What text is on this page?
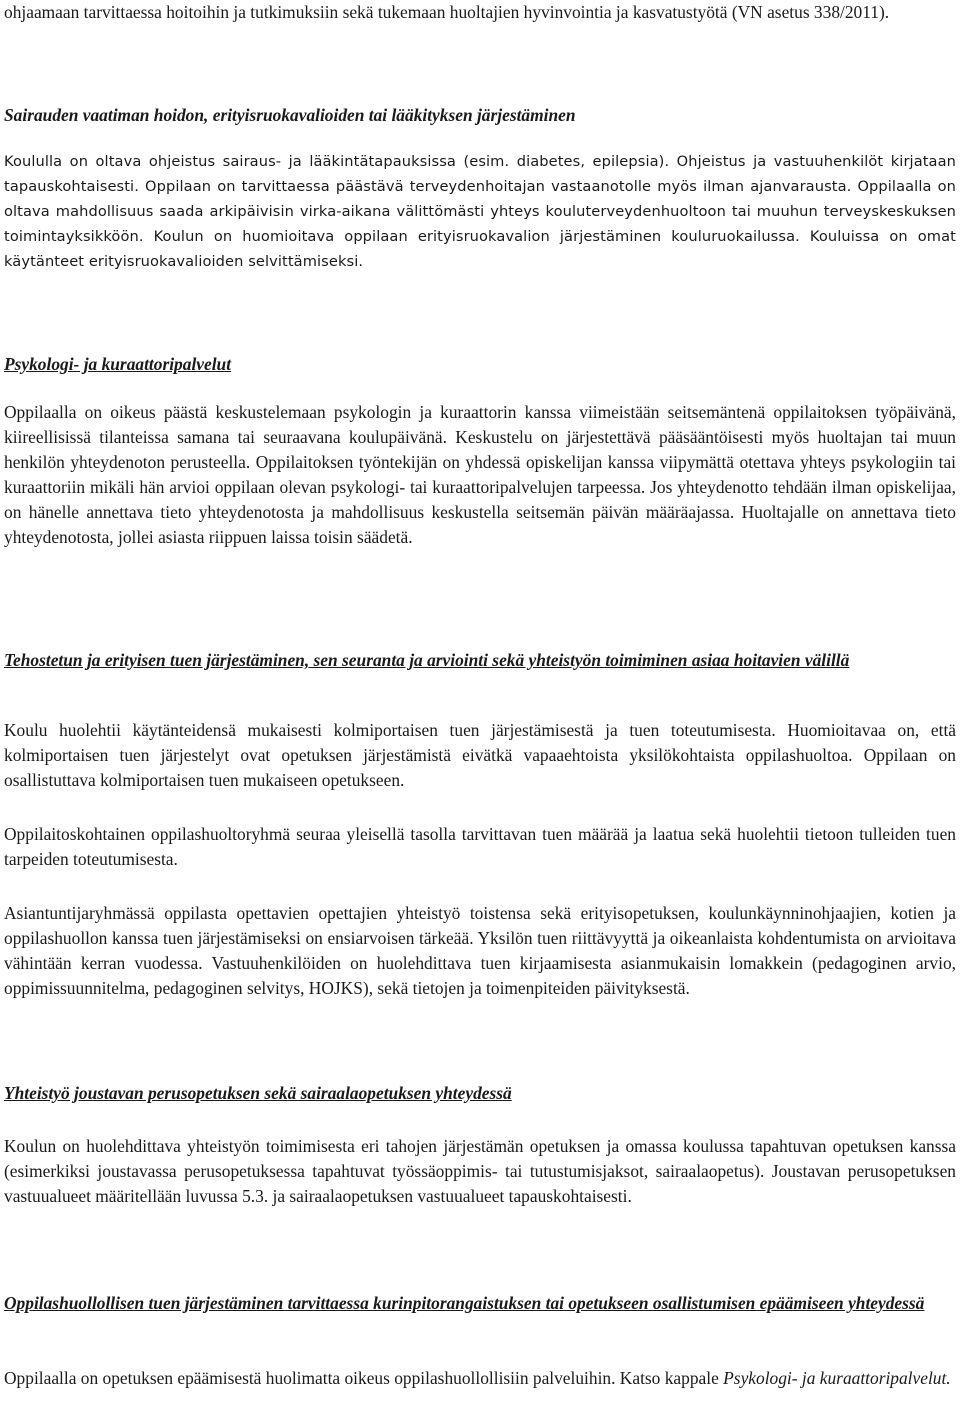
ohjaamaan tarvittaessa hoitoihin ja tutkimuksiin sekä tukemaan huoltajien hyvinvointia ja kasvatustyötä (VN asetus 338/2011).

Sairauden vaatiman hoidon, erityisruokavalioiden tai lääkityksen järjestäminen

Koululla on oltava ohjeistus sairaus- ja lääkintätapauksissa (esim. diabetes, epilepsia). Ohjeistus ja vastuuhenkilöt kirjataan tapauskohtaisesti. Oppilaan on tarvittaessa päästävä terveydenhoitajan vastaanotolle myös ilman ajanvarausta. Oppilaalla on oltava mahdollisuus saada arkipäivisin virka-aikana välittömästi yhteys kouluterveydenhuoltoon tai muuhun terveyskeskuksen toimintayksikköön. Koulun on huomioitava oppilaan erityisruokavalion järjestäminen kouluruokailussa. Kouluissa on omat käytänteet erityisruokavalioiden selvittämiseksi.

Psykologi- ja kuraattoripalvelut

Oppilaalla on oikeus päästä keskustelemaan psykologin ja kuraattorin kanssa viimeistään seitsemäntenä oppilaitoksen työpäivänä, kiireellisissä tilanteissa samana tai seuraavana koulupäivänä. Keskustelu on järjestettävä pääsääntöisesti myös huoltajan tai muun henkilön yhteydenoton perusteella. Oppilaitoksen työntekijän on yhdessä opiskelijan kanssa viipymättä otettava yhteys psykologiin tai kuraattoriin mikäli hän arvioi oppilaan olevan psykologi- tai kuraattoripalvelujen tarpeessa. Jos yhteydenotto tehdään ilman opiskelijaa, on hänelle annettava tieto yhteydenotosta ja mahdollisuus keskustella seitsemän päivän määräajassa. Huoltajalle on annettava tieto yhteydenotosta, jollei asiasta riippuen laissa toisin säädetä.

Tehostetun ja erityisen tuen järjestäminen, sen seuranta ja arviointi sekä yhteistyön toimiminen asiaa hoitavien välillä

Koulu huolehtii käytänteidensä mukaisesti kolmiportaisen tuen järjestämisestä ja tuen toteutumisesta. Huomioitavaa on, että kolmiportaisen tuen järjestelyt ovat opetuksen järjestämistä eivätkä vapaaehtoista yksilökohtaista oppilashuoltoa. Oppilaan on osallistuttava kolmiportaisen tuen mukaiseen opetukseen.

Oppilaitoskohtainen oppilashuoltoryhmä seuraa yleisellä tasolla tarvittavan tuen määrää ja laatua sekä huolehtii tietoon tulleiden tuen tarpeiden toteutumisesta.

Asiantuntijaryhmässä oppilasta opettavien opettajien yhteistyö toistensa sekä erityisopetuksen, koulunkäynninohjaajien, kotien ja oppilashuollon kanssa tuen järjestämiseksi on ensiarvoisen tärkeää. Yksilön tuen riittävyyttä ja oikeanlaista kohdentumista on arvioitava vähintään kerran vuodessa. Vastuuhenkilöiden on huolehdittava tuen kirjaamisesta asianmukaisin lomakkein (pedagoginen arvio, oppimissuunnitelma, pedagoginen selvitys, HOJKS), sekä tietojen ja toimenpiteiden päivityksestä.

Yhteistyö joustavan perusopetuksen sekä sairaalaopetuksen yhteydessä

Koulun on huolehdittava yhteistyön toimimisesta eri tahojen järjestämän opetuksen ja omassa koulussa tapahtuvan opetuksen kanssa (esimerkiksi joustavassa perusopetuksessa tapahtuvat työssäoppimis- tai tutustumisjaksot, sairaalaopetus). Joustavan perusopetuksen vastuualueet määritellään luvussa 5.3. ja sairaalaopetuksen vastuualueet tapauskohtaisesti.

Oppilashuollollisen tuen järjestäminen tarvittaessa kurinpitorangaistuksen tai opetukseen osallistumisen epäämiseen yhteydessä

Oppilaalla on opetuksen epäämisestä huolimatta oikeus oppilashuollollisiin palveluihin. Katso kappale Psykologi- ja kuraattoripalvelut.
